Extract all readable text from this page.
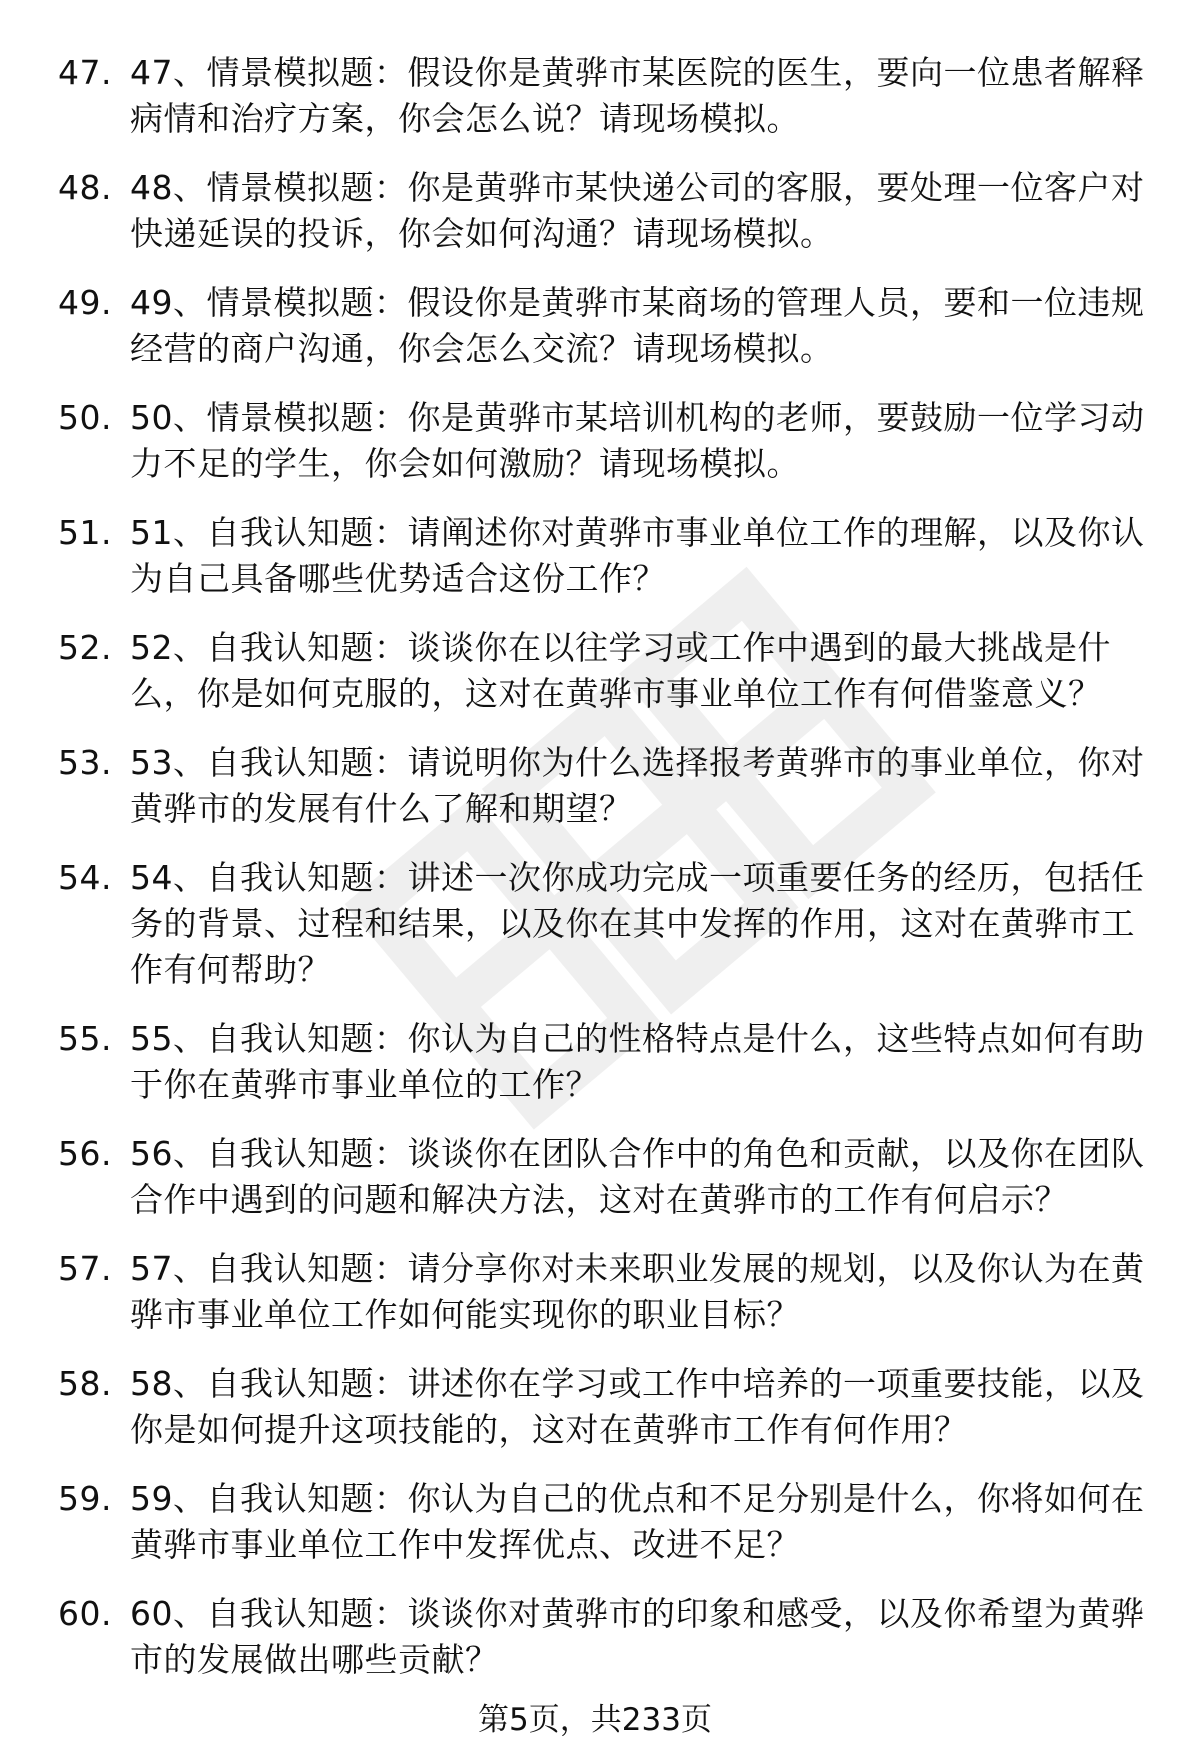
47. 47、情景模拟题：假设你是黄骅市某医院的医生，要向一位患者解释病情和治疗方案，你会怎么说？请现场模拟。
48. 48、情景模拟题：你是黄骅市某快递公司的客服，要处理一位客户对快递延误的投诉，你会如何沟通？请现场模拟。
49. 49、情景模拟题：假设你是黄骅市某商场的管理人员，要和一位违规经营的商户沟通，你会怎么交流？请现场模拟。
50. 50、情景模拟题：你是黄骅市某培训机构的老师，要鼓励一位学习动力不足的学生，你会如何激励？请现场模拟。
51. 51、自我认知题：请阐述你对黄骅市事业单位工作的理解，以及你认为自己具备哪些优势适合这份工作？
52. 52、自我认知题：谈谈你在以往学习或工作中遇到的最大挑战是什么，你是如何克服的，这对在黄骅市事业单位工作有何借鉴意义？
53. 53、自我认知题：请说明你为什么选择报考黄骅市的事业单位，你对黄骅市的发展有什么了解和期望？
54. 54、自我认知题：讲述一次你成功完成一项重要任务的经历，包括任务的背景、过程和结果，以及你在其中发挥的作用，这对在黄骅市工作有何帮助？
55. 55、自我认知题：你认为自己的性格特点是什么，这些特点如何有助于你在黄骅市事业单位的工作？
56. 56、自我认知题：谈谈你在团队合作中的角色和贡献，以及你在团队合作中遇到的问题和解决方法，这对在黄骅市的工作有何启示？
57. 57、自我认知题：请分享你对未来职业发展的规划，以及你认为在黄骅市事业单位工作如何能实现你的职业目标？
58. 58、自我认知题：讲述你在学习或工作中培养的一项重要技能，以及你是如何提升这项技能的，这对在黄骅市工作有何作用？
59. 59、自我认知题：你认为自己的优点和不足分别是什么，你将如何在黄骅市事业单位工作中发挥优点、改进不足？
60. 60、自我认知题：谈谈你对黄骅市的印象和感受，以及你希望为黄骅市的发展做出哪些贡献？
第5页，共233页
